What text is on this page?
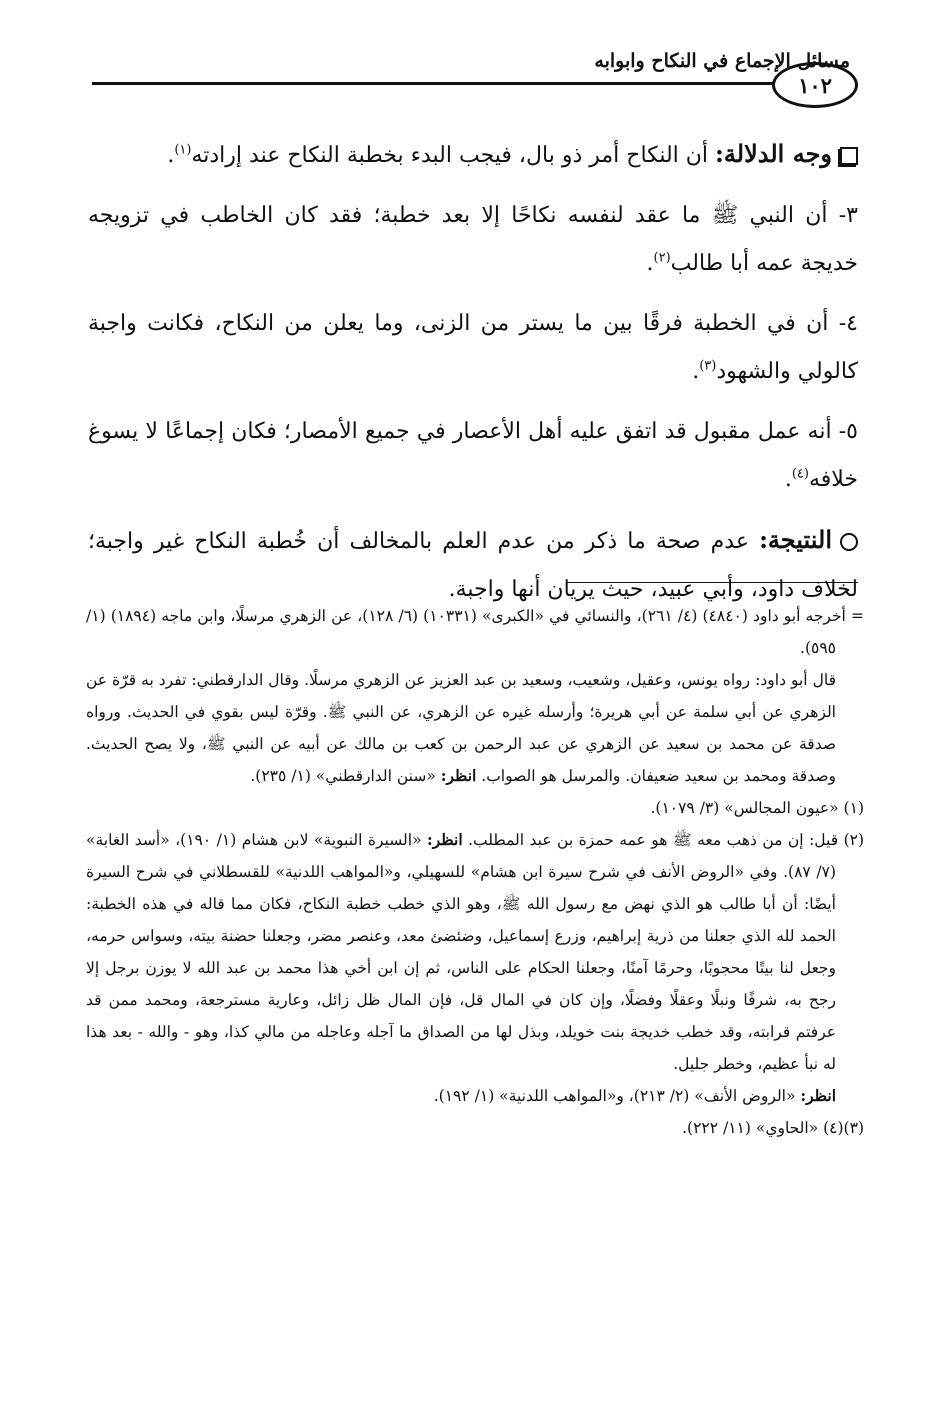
مسائل الإجماع في النكاح وابوابه
١٠٢

وجه الدلالة: أن النكاح أمر ذو بال، فيجب البدء بخطبة النكاح عند إرادته$^{(١)}$.

٣- أن النبي ﷺ ما عقد لنفسه نكاحًا إلا بعد خطبة؛ فقد كان الخاطب في تزويجه خديجة عمه أبا طالب$^{(٢)}$.

٤- أن في الخطبة فرقًا بين ما يستر من الزنى، وما يعلن من النكاح، فكانت واجبة كالولي والشهود$^{(٣)}$.

٥- أنه عمل مقبول قد اتفق عليه أهل الأعصار في جميع الأمصار؛ فكان إجماعًا لا يسوغ خلافه$^{(٤)}$.

النتيجة: عدم صحة ما ذكر من عدم العلم بالمخالف أن خُطبة النكاح غير واجبة؛ لخلاف داود، وأبي عبيد، حيث يريان أنها واجبة.

= أخرجه أبو داود (٤٨٤٠) (٤/ ٢٦١)، والنسائي في «الكبرى» (١٠٣٣١) (٦/ ١٢٨)، عن الزهري مرسلًا، وابن ماجه (١٨٩٤) (١/ ٥٩٥).

قال أبو داود: رواه يونس، وعقيل، وشعيب، وسعيد بن عبد العزيز عن الزهري مرسلًا. وقال الدارقطني: تفرد به قرّة عن الزهري عن أبي سلمة عن أبي هريرة؛ وأرسله غيره عن الزهري، عن النبي ﷺ. وقرّة ليس بقوي في الحديث. ورواه صدقة عن محمد بن سعيد عن الزهري عن عبد الرحمن بن كعب بن مالك عن أبيه عن النبي ﷺ، ولا يصح الحديث. وصدقة ومحمد بن سعيد ضعيفان. والمرسل هو الصواب. انظر: «سنن الدارقطني» (١/ ٢٣٥).

(١) «عيون المجالس» (٣/ ١٠٧٩).

(٢) قيل: إن من ذهب معه ﷺ هو عمه حمزة بن عبد المطلب. انظر: «السيرة النبوية» لابن هشام (١/ ١٩٠)، «أسد الغابة» (٧/ ٨٧). وفي «الروض الأنف في شرح سيرة ابن هشام» للسهيلي، و«المواهب اللدنية» للقسطلاني في شرح السيرة أيضًا: أن أبا طالب هو الذي نهض مع رسول الله ﷺ، وهو الذي خطب خطبة النكاح، فكان مما قاله في هذه الخطبة: الحمد لله الذي جعلنا من ذرية إبراهيم، وزرع إسماعيل، وضئضئ معد، وعنصر مضر، وجعلنا حضنة بيته، وسواس حرمه، وجعل لنا بيتًا محجوبًا، وحرمًا آمنًا، وجعلنا الحكام على الناس، ثم إن ابن أخي هذا محمد بن عبد الله لا يوزن برجل إلا رجح به، شرفًا ونبلًا وعقلًا وفضلًا، وإن كان في المال قل، فإن المال ظل زائل، وعارية مسترجعة، ومحمد ممن قد عرفتم قرابته، وقد خطب خديجة بنت خويلد، وبذل لها من الصداق ما آجله وعاجله من مالي كذا، وهو - والله - بعد هذا له نبأ عظيم، وخطر جليل.

انظر: «الروض الأنف» (٢/ ٢١٣)، و«المواهب اللدنية» (١/ ١٩٢).

(٣)(٤) «الحاوي» (١١/ ٢٢٢).
